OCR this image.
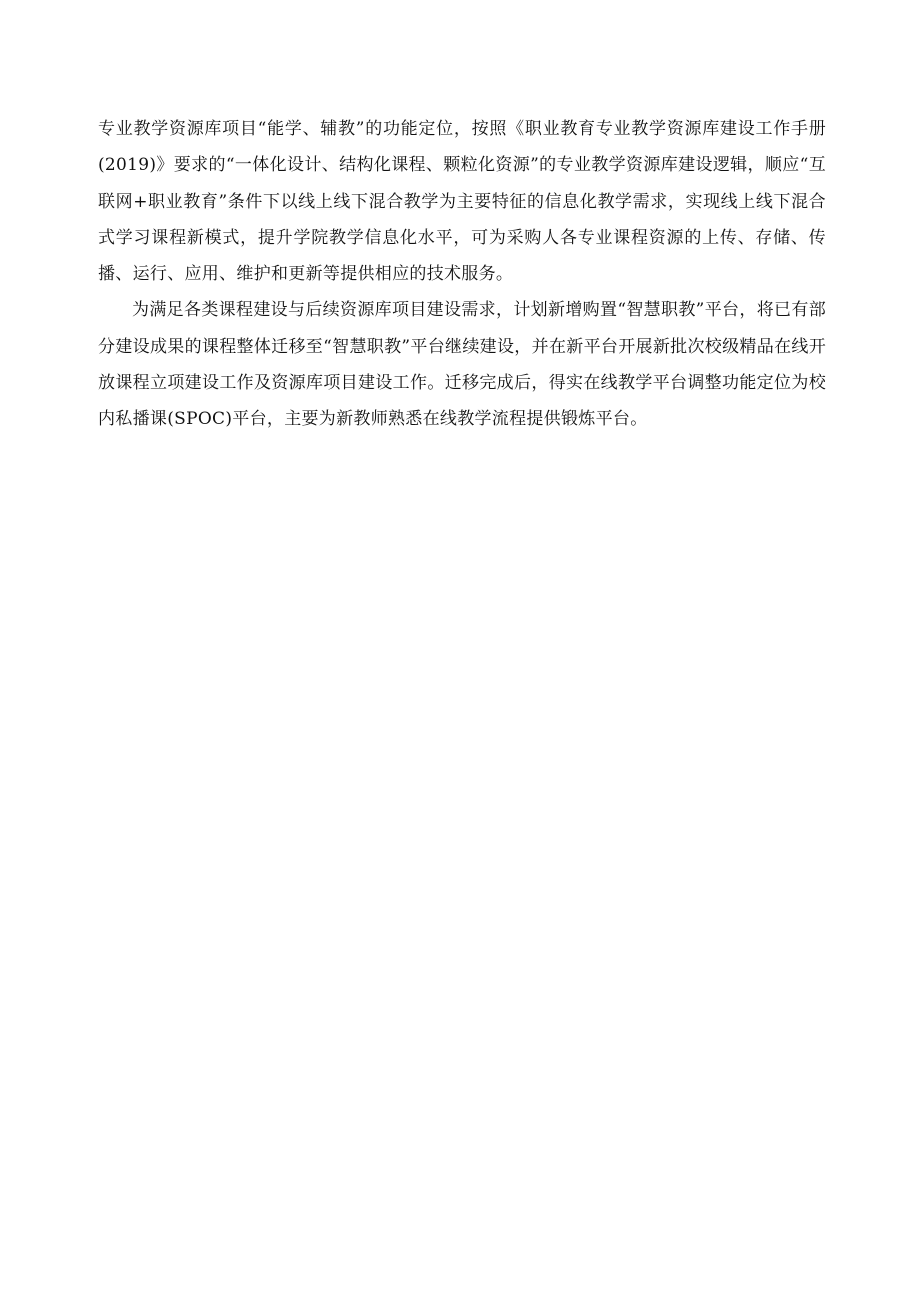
专业教学资源库项目“能学、辅教”的功能定位，按照《职业教育专业教学资源库建设工作手册(2019)》要求的“一体化设计、结构化课程、颗粒化资源”的专业教学资源库建设逻辑，顺应“互联网+职业教育”条件下以线上线下混合教学为主要特征的信息化教学需求，实现线上线下混合式学习课程新模式，提升学院教学信息化水平，可为采购人各专业课程资源的上传、存储、传播、运行、应用、维护和更新等提供相应的技术服务。

为满足各类课程建设与后续资源库项目建设需求，计划新增购置“智慧职教”平台，将已有部分建设成果的课程整体迁移至“智慧职教”平台继续建设，并在新平台开展新批次校级精品在线开放课程立项建设工作及资源库项目建设工作。迁移完成后，得实在线教学平台调整功能定位为校内私播课(SPOC)平台，主要为新教师熟悉在线教学流程提供锻炼平台。
